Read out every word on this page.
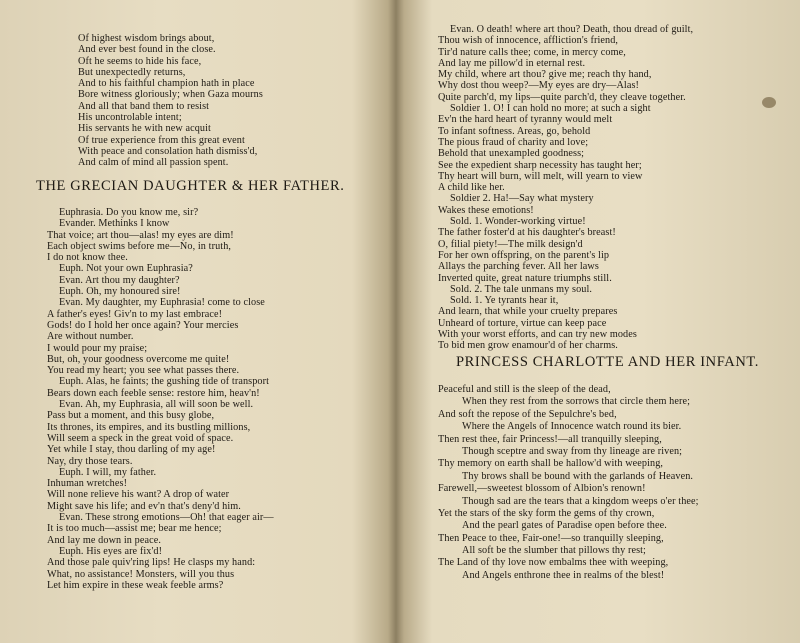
Of highest wisdom brings about,
And ever best found in the close.
Oft he seems to hide his face,
But unexpectedly returns,
And to his faithful champion hath in place
Bore witness gloriously; when Gaza mourns
And all that band them to resist
His uncontrolable intent;
His servants he with new acquit
Of true experience from this great event
With peace and consolation hath dismiss'd,
And calm of mind all passion spent.
THE GRECIAN DAUGHTER & HER FATHER.
Euphrasia. Do you know me, sir?
Evander. Methinks I know
That voice; art thou—alas! my eyes are dim!
Each object swims before me—No, in truth,
I do not know thee.
Euph. Not your own Euphrasia?
Evan. Art thou my daughter?
Euph. Oh, my honoured sire!
Evan. My daughter, my Euphrasia! come to close
A father's eyes! Giv'n to my last embrace!
Gods! do I hold her once again? Your mercies
Are without number.
I would pour my praise;
But, oh, your goodness overcome me quite!
You read my heart; you see what passes there.
Euph. Alas, he faints; the gushing tide of transport
Bears down each feeble sense: restore him, heav'n!
Evan. Ah, my Euphrasia, all will soon be well.
Pass but a moment, and this busy globe,
Its thrones, its empires, and its bustling millions,
Will seem a speck in the great void of space.
Yet while I stay, thou darling of my age!
Nay, dry those tears.
Euph. I will, my father.
Inhuman wretches!
Will none relieve his want? A drop of water
Might save his life; and ev'n that's deny'd him.
Evan. These strong emotions—Oh! that eager air—
It is too much—assist me; bear me hence;
And lay me down in peace.
Euph. His eyes are fix'd!
And those pale quiv'ring lips! He clasps my hand:
What, no assistance! Monsters, will you thus
Let him expire in these weak feeble arms?
Evan. O death! where art thou? Death, thou dread of guilt,
Thou wish of innocence, affliction's friend,
Tir'd nature calls thee; come, in mercy come,
And lay me pillow'd in eternal rest.
My child, where art thou? give me; reach thy hand,
Why dost thou weep?—My eyes are dry—Alas!
Quite parch'd, my lips—quite parch'd, they cleave together.
Soldier 1. O! I can hold no more; at such a sight
Ev'n the hard heart of tyranny would melt
To infant softness. Areas, go, behold
The pious fraud of charity and love;
Behold that unexampled goodness;
See the expedient sharp necessity has taught her;
Thy heart will burn, will melt, will yearn to view
A child like her.
Soldier 2. Ha!—Say what mystery
Wakes these emotions!
Sold. 1. Wonder-working virtue!
The father foster'd at his daughter's breast!
O, filial piety!—The milk design'd
For her own offspring, on the parent's lip
Allays the parching fever. All her laws
Inverted quite, great nature triumphs still.
Sold. 2. The tale unmans my soul.
Sold. 1. Ye tyrants hear it,
And learn, that while your cruelty prepares
Unheard of torture, virtue can keep pace
With your worst efforts, and can try new modes
To bid men grow enamour'd of her charms.
PRINCESS CHARLOTTE AND HER INFANT.
Peaceful and still is the sleep of the dead,
When they rest from the sorrows that circle them here;
And soft the repose of the Sepulchre's bed,
Where the Angels of Innocence watch round its bier.
Then rest thee, fair Princess!—all tranquilly sleeping,
Though sceptre and sway from thy lineage are riven;
Thy memory on earth shall be hallow'd with weeping,
Thy brows shall be bound with the garlands of Heaven.
Farewell,—sweetest blossom of Albion's renown!
Though sad are the tears that a kingdom weeps o'er thee;
Yet the stars of the sky form the gems of thy crown,
And the pearl gates of Paradise open before thee.
Then Peace to thee, Fair-one!—so tranquilly sleeping,
All soft be the slumber that pillows thy rest;
The Land of thy love now embalms thee with weeping,
And Angels enthrone thee in realms of the blest!
